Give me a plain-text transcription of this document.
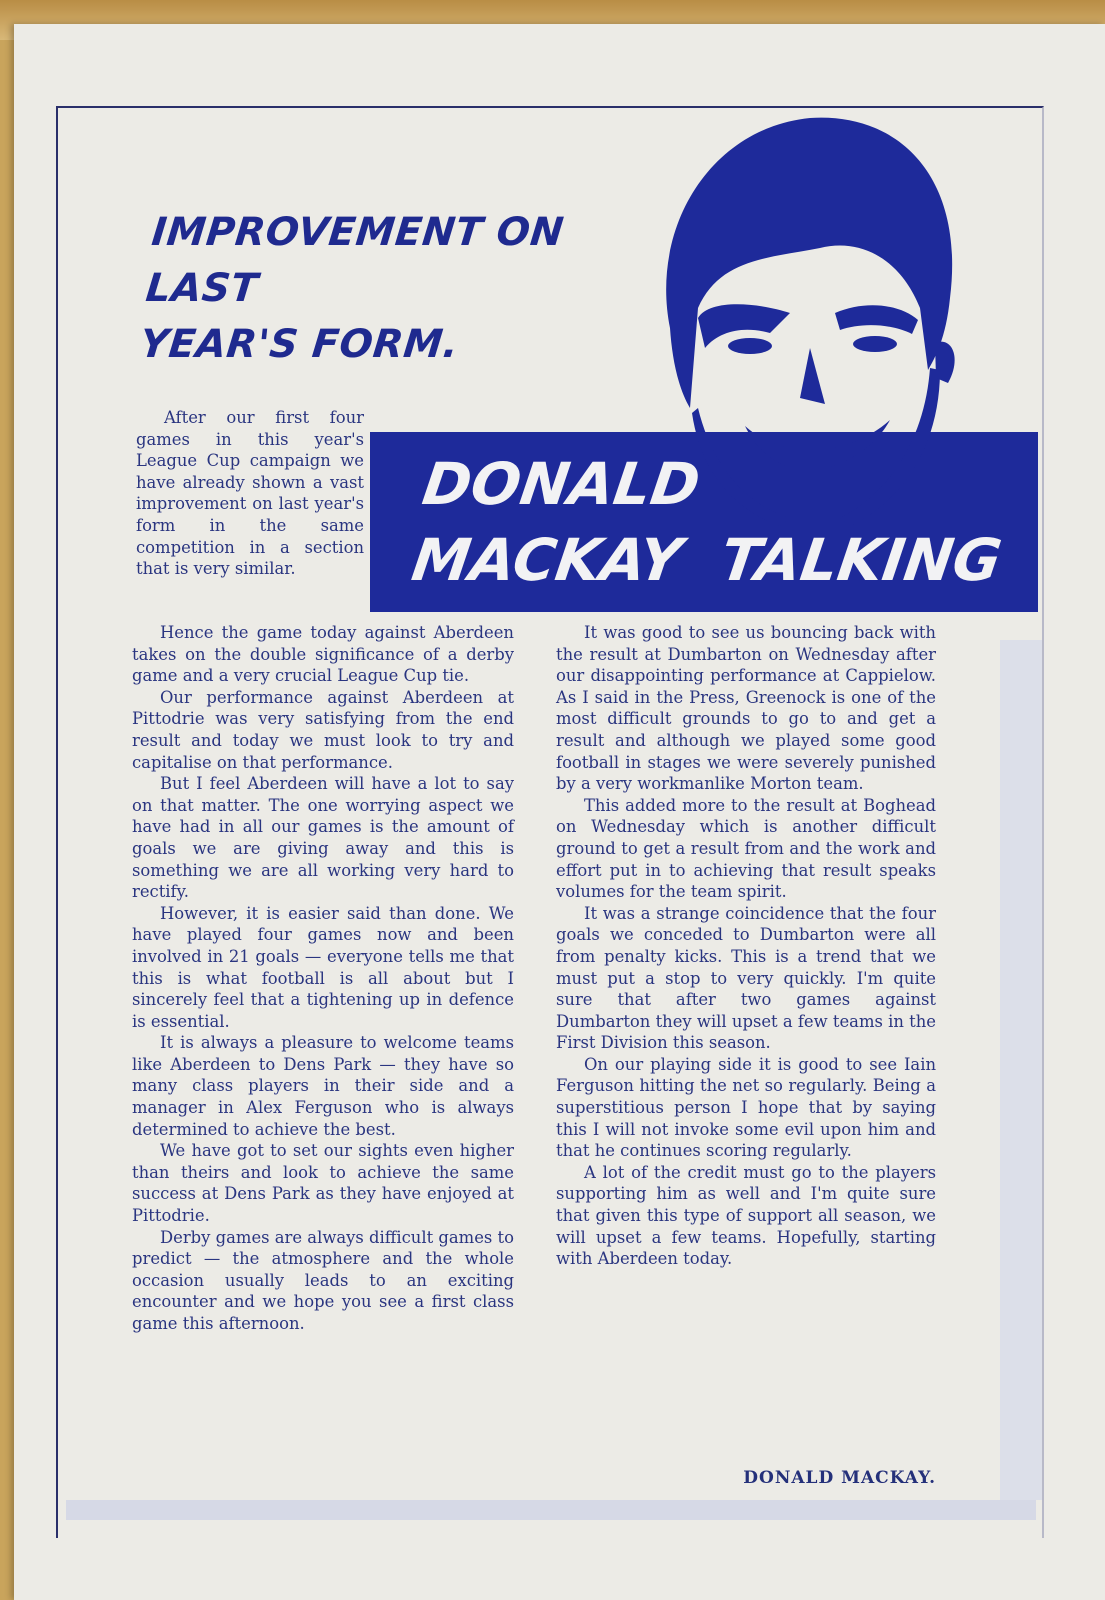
IMPROVEMENT ON LAST
YEAR'S FORM.
DONALD
MACKAY TALKING

After our first four games in this year's League Cup campaign we have already shown a vast improvement on last year's form in the same competition in a section that is very similar.

Hence the game today against Aberdeen takes on the double significance of a derby game and a very crucial League Cup tie.

Our performance against Aberdeen at Pittodrie was very satisfying from the end result and today we must look to try and capitalise on that performance.

But I feel Aberdeen will have a lot to say on that matter. The one worrying aspect we have had in all our games is the amount of goals we are giving away and this is something we are all working very hard to rectify.

However, it is easier said than done. We have played four games now and been involved in 21 goals — everyone tells me that this is what football is all about but I sincerely feel that a tightening up in defence is essential.

It is always a pleasure to welcome teams like Aberdeen to Dens Park — they have so many class players in their side and a manager in Alex Ferguson who is always determined to achieve the best.

We have got to set our sights even higher than theirs and look to achieve the same success at Dens Park as they have enjoyed at Pittodrie.

Derby games are always difficult games to predict — the atmosphere and the whole occasion usually leads to an exciting encounter and we hope you see a first class game this afternoon.

It was good to see us bouncing back with the result at Dumbarton on Wednesday after our disappointing performance at Cappielow. As I said in the Press, Greenock is one of the most difficult grounds to go to and get a result and although we played some good football in stages we were severely punished by a very workmanlike Morton team.

This added more to the result at Boghead on Wednesday which is another difficult ground to get a result from and the work and effort put in to achieving that result speaks volumes for the team spirit.

It was a strange coincidence that the four goals we conceded to Dumbarton were all from penalty kicks. This is a trend that we must put a stop to very quickly. I'm quite sure that after two games against Dumbarton they will upset a few teams in the First Division this season.

On our playing side it is good to see Iain Ferguson hitting the net so regularly. Being a superstitious person I hope that by saying this I will not invoke some evil upon him and that he continues scoring regularly.

A lot of the credit must go to the players supporting him as well and I'm quite sure that given this type of support all season, we will upset a few teams. Hopefully, starting with Aberdeen today.

DONALD MACKAY.
